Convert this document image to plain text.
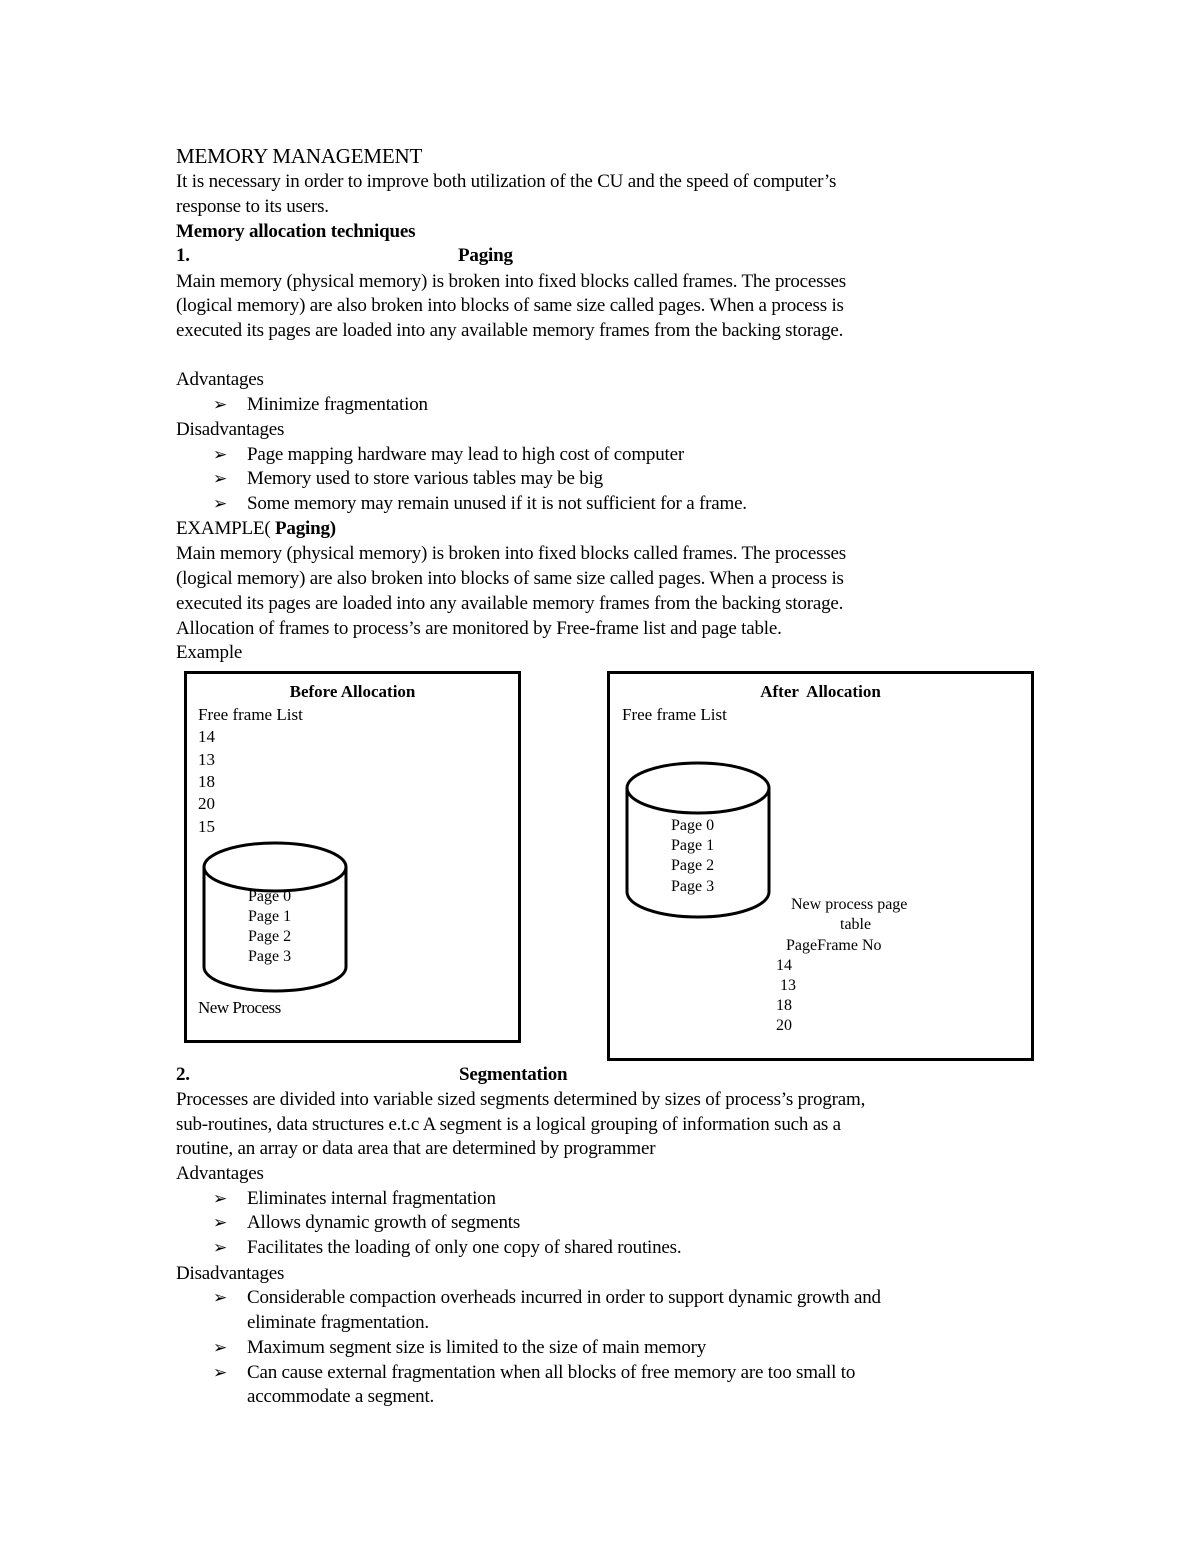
MEMORY MANAGEMENT
It is necessary in order to improve both utilization of the CU and the speed of computer’s
response to its users.
Memory allocation techniques
1.	Paging
Main memory (physical memory) is broken into fixed blocks called frames. The processes
(logical memory) are also broken into blocks of same size called pages. When a process is
executed its pages are loaded into any available memory frames from the backing storage.
Advantages
➢ Minimize fragmentation
Disadvantages
➢ Page mapping hardware may lead to high cost of computer
➢ Memory used to store various tables may be big
➢ Some memory may remain unused if it is not sufficient for a frame.
EXAMPLE( Paging)
Main memory (physical memory) is broken into fixed blocks called frames. The processes
(logical memory) are also broken into blocks of same size called pages. When a process is
executed its pages are loaded into any available memory frames from the backing storage.
Allocation of frames to process’s are monitored by Free-frame list and page table.
Example
Before Allocation
Free frame List
14
13
18
20
15
Page 0
Page 1
Page 2
Page 3
New Process
After  Allocation
Free frame List
Page 0
Page 1
Page 2
Page 3
New process page
table
PageFrame No
14
13
18
20
2.	Segmentation
Processes are divided into variable sized segments determined by sizes of process’s program,
sub-routines, data structures e.t.c A segment is a logical grouping of information such as a
routine, an array or data area that are determined by programmer
Advantages
➢ Eliminates internal fragmentation
➢ Allows dynamic growth of segments
➢ Facilitates the loading of only one copy of shared routines.
Disadvantages
➢ Considerable compaction overheads incurred in order to support dynamic growth and
eliminate fragmentation.
➢ Maximum segment size is limited to the size of main memory
➢ Can cause external fragmentation when all blocks of free memory are too small to
accommodate a segment.
